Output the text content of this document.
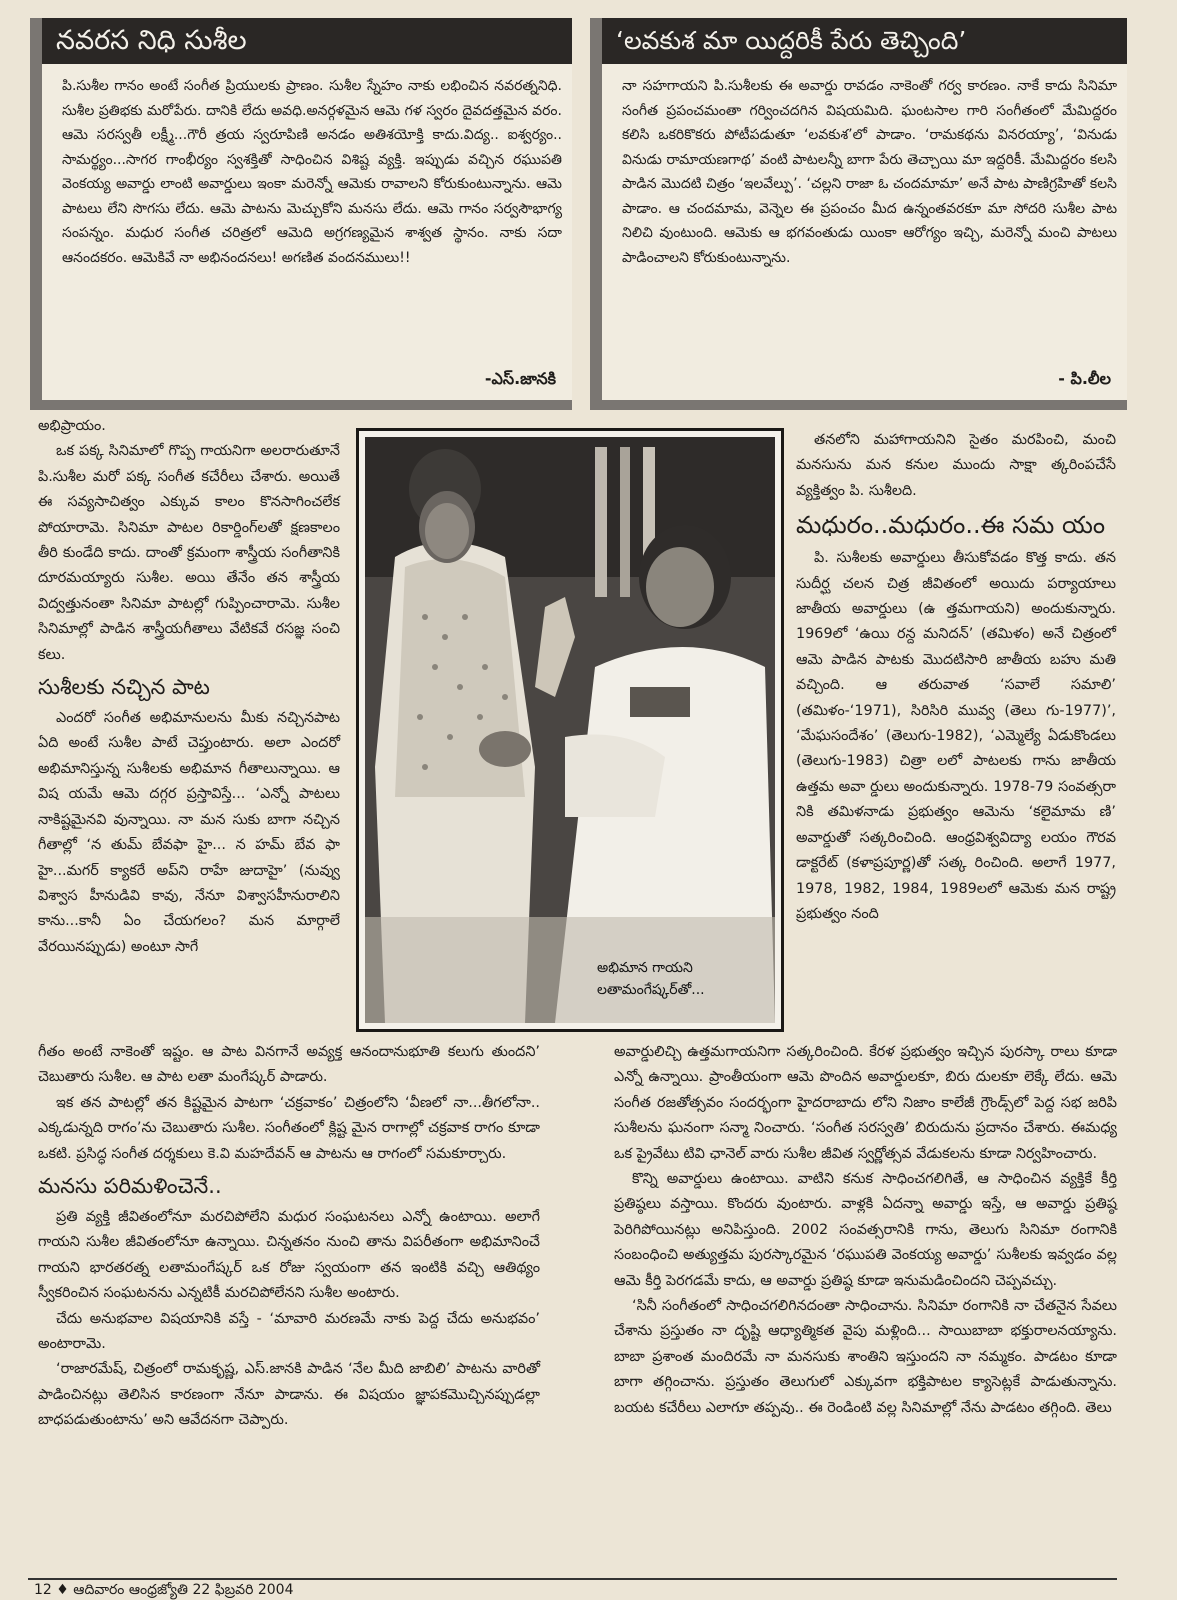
నవరస నిధి సుశీల

పి.సుశీల గానం అంటే సంగీత ప్రియులకు ప్రాణం. సుశీల స్నేహం నాకు లభించిన నవరత్ననిధి. సుశీల ప్రతిభకు మరోపేరు. దానికి లేదు అవధి.అనర్గళమైన ఆమె గళ స్వరం దైవదత్తమైన వరం. ఆమె సరస్వతీ లక్ష్మీ...గౌరీ త్రయ స్వరూపిణి అనడం అతిశయోక్తి కాదు.విద్య.. ఐశ్వర్యం.. సామర్థ్యం...సాగర గాంభీర్యం స్వశక్తితో సాధించిన విశిష్ట వ్యక్తి. ఇప్పుడు వచ్చిన రఘుపతి వెంకయ్య అవార్డు లాంటి అవార్డులు ఇంకా మరెన్నో ఆమెకు రావాలని కోరుకుంటున్నాను. ఆమె పాటలు లేని సొగసు లేదు. ఆమె పాటను మెచ్చుకోని మనసు లేదు. ఆమె గానం సర్వసౌభాగ్య సంపన్నం. మధుర సంగీత చరిత్రలో ఆమెది అగ్రగణ్యమైన శాశ్వత స్థానం. నాకు సదా ఆనందకరం. ఆమెకివే నా అభినందనలు! అగణిత వందనములు!!

-ఎస్.జానకి
‘లవకుశ మా యిద్దరికీ పేరు తెచ్చింది’

నా సహగాయని పి.సుశీలకు ఈ అవార్డు రావడం నాకెంతో గర్వ కారణం. నాకే కాదు సినిమా సంగీత ప్రపంచమంతా గర్వించదగిన విషయమిది. ఘంటసాల గారి సంగీతంలో మేమిద్దరం కలిసి ఒకరికొకరు పోటీపడుతూ ‘లవకుశ’లో పాడాం. ‘రామకథను వినరయ్యా’, ‘వినుడు వినుడు రామాయణగాథ’ వంటి పాటలన్నీ బాగా పేరు తెచ్చాయి మా ఇద్దరికీ. మేమిద్దరం కలసి పాడిన మొదటి చిత్రం ‘ఇలవేల్పు’. ‘చల్లని రాజా ఓ చందమామా’ అనే పాట పాణిగ్రహితో కలసి పాడాం. ఆ చందమామ, వెన్నెల ఈ ప్రపంచం మీద ఉన్నంతవరకూ మా సోదరి సుశీల పాట నిలిచి వుంటుంది. ఆమెకు ఆ భగవంతుడు యింకా ఆరోగ్యం ఇచ్చి, మరెన్నో మంచి పాటలు పాడించాలని కోరుకుంటున్నాను.

- పి.లీల

అభిప్రాయం.

ఒక పక్క సినిమాలో గొప్ప గాయనిగా అలరారుతూనే పి.సుశీల మరో పక్క సంగీత కచేరీలు చేశారు. అయితే ఈ సవ్యసాచిత్వం ఎక్కువ కాలం కొనసాగించలేక పోయారామె. సినిమా పాటల రికార్డింగ్‌లతో క్షణకాలం తీరి కుండేది కాదు. దాంతో క్రమంగా శాస్త్రీయ సంగీతానికి దూరమయ్యారు సుశీల. అయి తేనేం తన శాస్త్రీయ విద్వత్తునంతా సినిమా పాటల్లో గుప్పించారామె. సుశీల సినిమాల్లో పాడిన శాస్త్రీయగీతాలు వేటికవే రసజ్ఞ సంచి కలు.

సుశీలకు నచ్చిన పాట

ఎందరో సంగీత అభిమానులను మీకు నచ్చినపాట ఏది అంటే సుశీల పాటే చెప్తుంటారు. అలా ఎందరో అభిమానిస్తున్న సుశీలకు అభిమాన గీతాలున్నాయి. ఆ విష యమే ఆమె దగ్గర ప్రస్తావిస్తే... ‘ఎన్నో పాటలు నాకిష్టమైనవి వున్నాయి. నా మన సుకు బాగా నచ్చిన గీతాల్లో ‘న తుమ్ బేవఫా హై... న హమ్ బేవ ఫా హై...మగర్ క్యాకరే అప్‌ని రాహే జుదాహై’ (నువ్వు విశ్వాస హీనుడివి కావు, నేనూ విశ్వాసహీనురాలిని కాను...కానీ ఏం చేయగలం? మన మార్గాలే వేరయినప్పుడు) అంటూ సాగే

అభిమాన గాయని లతామంగేష్కర్‌తో...

తనలోని మహాగాయనిని సైతం మరపించి, మంచి మనసును మన కనుల ముందు సాక్షా త్కరింపచేసే వ్యక్తిత్వం పి. సుశీలది.

మధురం..మధురం..ఈ సమ యం

పి. సుశీలకు అవార్డులు తీసుకోవడం కొత్త కాదు. తన సుదీర్ఘ చలన చిత్ర జీవితంలో అయిదు పర్యాయాలు జాతీయ అవార్డులు (ఉ త్తమగాయని) అందుకున్నారు. 1969లో ‘ఉయి రన్ద మనిదన్’ (తమిళం) అనే చిత్రంలో ఆమె పాడిన పాటకు మొదటిసారి జాతీయ బహు మతి వచ్చింది. ఆ తరువాత ‘సవాలే సమాలి’ (తమిళం-‘1971), సిరిసిరి మువ్వ (తెలు గు-1977)’, ‘మేఘసందేశం’ (తెలుగు-1982), ‘ఎమ్మెల్యే ఏడుకొండలు (తెలుగు-1983) చిత్రా లలో పాటలకు గాను జాతీయ ఉత్తమ అవా ర్డులు అందుకున్నారు. 1978-79 సంవత్సరా నికి తమిళనాడు ప్రభుత్వం ఆమెను ‘కలైమామ ణి’ అవార్డుతో సత్కరించింది. ఆంధ్రవిశ్వవిద్యా లయం గౌరవ డాక్టరేట్ (కళాప్రపూర్ణ)తో సత్క రించింది. అలాగే 1977, 1978, 1982, 1984, 1989లలో ఆమెకు మన రాష్ట్ర ప్రభుత్వం నంది

గీతం అంటే నాకెంతో ఇష్టం. ఆ పాట వినగానే అవ్యక్త ఆనందానుభూతి కలుగు తుందని’ చెబుతారు సుశీల. ఆ పాట లతా మంగేష్కర్ పాడారు.

ఇక తన పాటల్లో తన కిష్టమైన పాటగా ‘చక్రవాకం’ చిత్రంలోని ‘వీణలో నా...తీగలోనా.. ఎక్కడున్నది రాగం’ను చెబుతారు సుశీల. సంగీతంలో క్లిష్ట మైన రాగాల్లో చక్రవాక రాగం కూడా ఒకటి. ప్రసిద్ధ సంగీత దర్శకులు కె.వి మహదేవన్ ఆ పాటను ఆ రాగంలో సమకూర్చారు.

మనసు పరిమళించెనే..

ప్రతి వ్యక్తి జీవితంలోనూ మరచిపోలేని మధుర సంఘటనలు ఎన్నో ఉంటాయి. అలాగే గాయని సుశీల జీవితంలోనూ ఉన్నాయి. చిన్నతనం నుంచి తాను విపరీతంగా అభిమానించే గాయని భారతరత్న లతామంగేష్కర్ ఒక రోజు స్వయంగా తన ఇంటికి వచ్చి ఆతిథ్యం స్వీకరించిన సంఘటనను ఎన్నటికీ మరచిపోలేనని సుశీల అంటారు.

చేదు అనుభవాల విషయానికి వస్తే - ‘మావారి మరణమే నాకు పెద్ద చేదు అనుభవం’ అంటారామె.

‘రాజారమేష్, చిత్రంలో రామకృష్ణ, ఎస్.జానకి పాడిన ‘నేల మీది జాబిలి’ పాటను వారితో పాడించినట్లు తెలిసిన కారణంగా నేనూ పాడాను. ఈ విషయం జ్ఞాపకమొచ్చినప్పుడల్లా బాధపడుతుంటాను’ అని ఆవేదనగా చెప్పారు.

అవార్డులిచ్చి ఉత్తమగాయనిగా సత్కరించింది. కేరళ ప్రభుత్వం ఇచ్చిన పురస్కా రాలు కూడా ఎన్నో ఉన్నాయి. ప్రాంతీయంగా ఆమె పొందిన అవార్డులకూ, బిరు దులకూ లెక్కే లేదు. ఆమె సంగీత రజతోత్సవం సందర్భంగా హైదరాబాదు లోని నిజాం కాలేజీ గ్రౌండ్స్‌లో పెద్ద సభ జరిపి సుశీలను ఘనంగా సన్మా నించారు. ‘సంగీత సరస్వతి’ బిరుదును ప్రదానం చేశారు. ఈమధ్య ఒక ప్రైవేటు టివి ఛానెల్ వారు సుశీల జీవిత స్వర్ణోత్సవ వేడుకలను కూడా నిర్వహించారు.

కొన్ని అవార్డులు ఉంటాయి. వాటిని కనుక సాధించగలిగితే, ఆ సాధించిన వ్యక్తికే కీర్తి ప్రతిష్ఠలు వస్తాయి. కొందరు వుంటారు. వాళ్లకి ఏదన్నా అవార్డు ఇస్తే, ఆ అవార్డు ప్రతిష్ఠ పెరిగిపోయినట్లు అనిపిస్తుంది. 2002 సంవత్సరానికి గాను, తెలుగు సినిమా రంగానికి సంబంధించి అత్యుత్తమ పురస్కారమైన ‘రఘుపతి వెంకయ్య అవార్డు’ సుశీలకు ఇవ్వడం వల్ల ఆమె కీర్తి పెరగడమే కాదు, ఆ అవార్డు ప్రతిష్ఠ కూడా ఇనుమడించిందని చెప్పవచ్చు.

‘సినీ సంగీతంలో సాధించగలిగినదంతా సాధించాను. సినిమా రంగానికి నా చేతనైన సేవలు చేశాను ప్రస్తుతం నా దృష్టి ఆధ్యాత్మికత వైపు మళ్లింది... సాయిబాబా భక్తురాలనయ్యాను. బాబా ప్రశాంత మందిరమే నా మనసుకు శాంతిని ఇస్తుందని నా నమ్మకం. పాడటం కూడా బాగా తగ్గించాను. ప్రస్తుతం తెలుగులో ఎక్కువగా భక్తిపాటల క్యాసెట్లకే పాడుతున్నాను. బయట కచేరీలు ఎలాగూ తప్పవు.. ఈ రెండింటి వల్ల సినిమాల్లో నేను పాడటం తగ్గింది. తెలు

12 ♦ ఆదివారం ఆంధ్రజ్యోతి 22 ఫిబ్రవరి 2004
